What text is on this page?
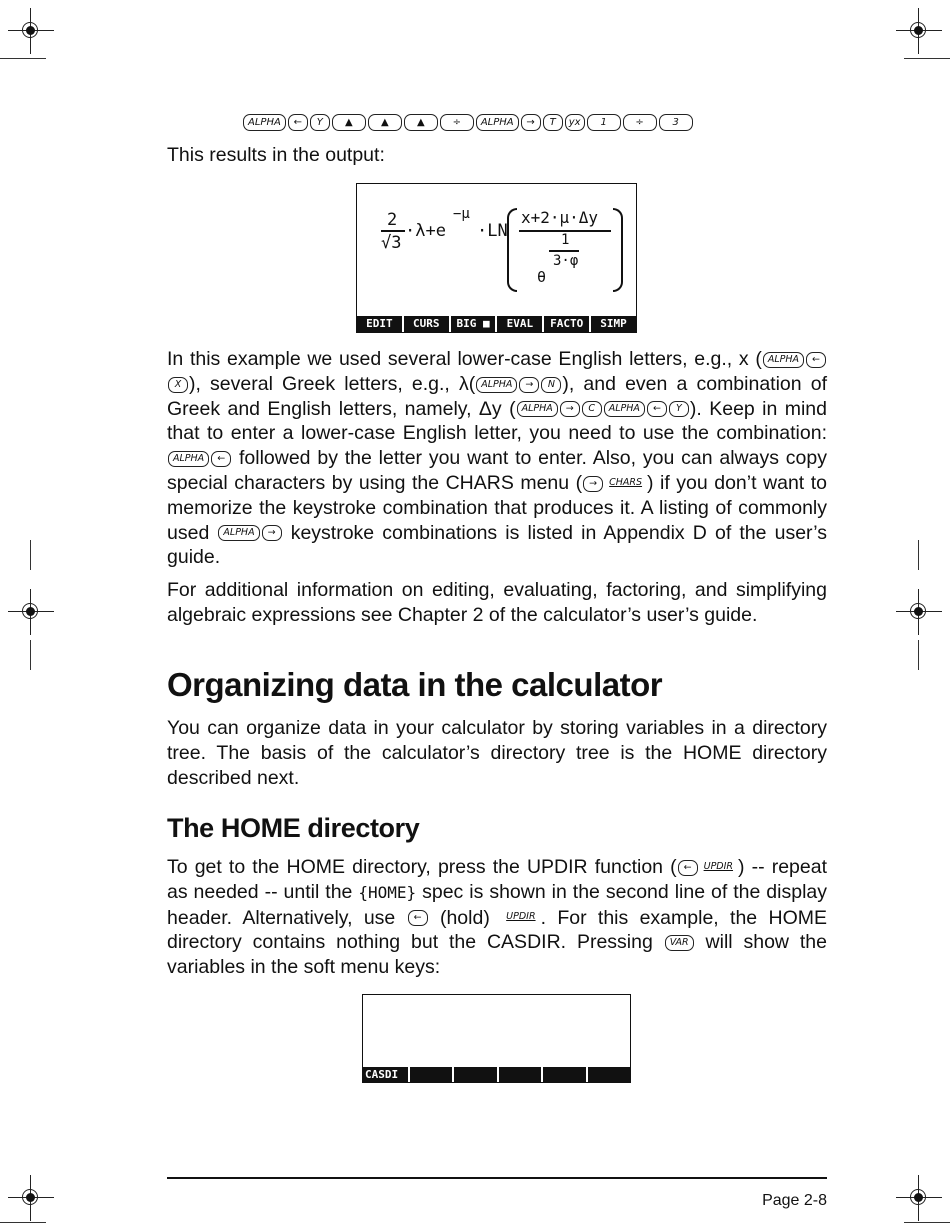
ALPHA ← Y ▲	▲	▲	÷ ALPHA → T yx 1	÷	3
This results in the output:
2
√3
·λ+e
−μ
·LN
x+2·μ·Δy
1
3·φ
θ
EDIT	CURS	BIG ■	EVAL	FACTO	SIMP
In this example we used several lower-case English letters, e.g., x ( ALPHA ←X ), several Greek letters, e.g., λ( ALPHA → N ), and even a combination of Greek and English letters, namely, Δy ( ALPHA → C ALPHA ← Y ). Keep in mind that to enter a lower-case English letter, you need to use the combination: ALPHA ← followed by the letter you want to enter. Also, you can always copy special characters by using the CHARS menu ( → CHARS ) if you don’t want to memorize the keystroke combination that produces it. A listing of commonly used ALPHA → keystroke combinations is listed in Appendix D of the user’s guide.
For additional information on editing, evaluating, factoring, and simplifying algebraic expressions see Chapter 2 of the calculator’s user’s guide.
Organizing data in the calculator
You can organize data in your calculator by storing variables in a directory tree. The basis of the calculator’s directory tree is the HOME directory described next.
The HOME directory
To get to the HOME directory, press the UPDIR function ( ← UPDIR ) -- repeat as needed -- until the {HOME} spec is shown in the second line of the display header. Alternatively, use ← (hold) UPDIR . For this example, the HOME directory contains nothing but the CASDIR. Pressing VAR will show the variables in the soft menu keys:
CASDI
Page 2-8
